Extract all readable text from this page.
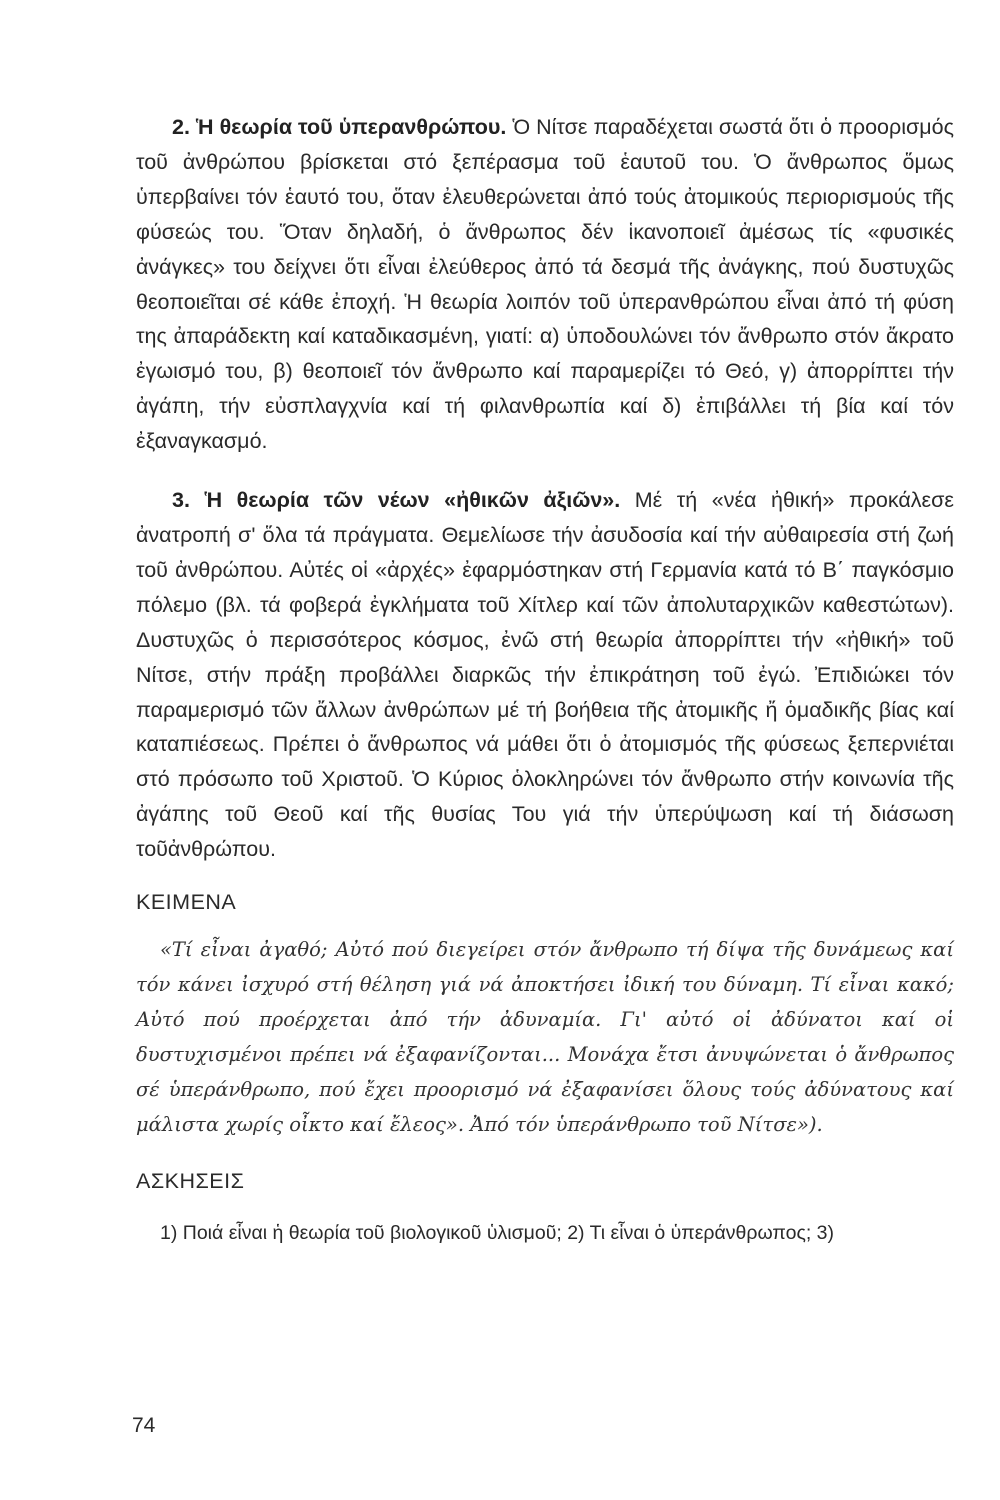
2. Ἡ θεωρία τοῦ ὑπερανθρώπου. Ὁ Νίτσε παραδέχεται σωστά ὅτι ὁ προορισμός τοῦ ἀνθρώπου βρίσκεται στό ξεπέρασμα τοῦ ἑαυτοῦ του. Ὁ ἄνθρωπος ὅμως ὑπερβαίνει τόν ἑαυτό του, ὅταν ἐλευθερώνεται ἀπό τούς ἀτομικούς περιορισμούς τῆς φύσεώς του. Ὅταν δηλαδή, ὁ ἄνθρωπος δέν ἱκανοποιεῖ ἀμέσως τίς «φυσικές ἀνάγκες» του δείχνει ὅτι εἶναι ἐλεύθερος ἀπό τά δεσμά τῆς ἀνάγκης, πού δυστυχῶς θεοποιεῖται σέ κάθε ἐποχή. Ἡ θεωρία λοιπόν τοῦ ὑπερανθρώπου εἶναι ἀπό τή φύση της ἀπαράδεκτη καί καταδικασμένη, γιατί: α) ὑποδουλώνει τόν ἄνθρωπο στόν ἄκρατο ἐγωισμό του, β) θεοποιεῖ τόν ἄνθρωπο καί παραμερίζει τό Θεό, γ) ἀπορρίπτει τήν ἀγάπη, τήν εὐσπλαγχνία καί τή φιλανθρωπία καί δ) ἐπιβάλλει τή βία καί τόν ἐξαναγκασμό.

3. Ἡ θεωρία τῶν νέων «ἠθικῶν ἀξιῶν». Μέ τή «νέα ἠθική» προκάλεσε ἀνατροπή σ' ὅλα τά πράγματα. Θεμελίωσε τήν ἀσυδοσία καί τήν αὐθαιρεσία στή ζωή τοῦ ἀνθρώπου. Αὐτές οἱ «ἀρχές» ἐφαρμόστηκαν στή Γερμανία κατά τό Β΄ παγκόσμιο πόλεμο (βλ. τά φοβερά ἐγκλήματα τοῦ Χίτλερ καί τῶν ἀπολυταρχικῶν καθεστώτων). Δυστυχῶς ὁ περισσότερος κόσμος, ἐνῶ στή θεωρία ἀπορρίπτει τήν «ἠθική» τοῦ Νίτσε, στήν πράξη προβάλλει διαρκῶς τήν ἐπικράτηση τοῦ ἐγώ. Ἐπιδιώκει τόν παραμερισμό τῶν ἄλλων ἀνθρώπων μέ τή βοήθεια τῆς ἀτομικῆς ἤ ὁμαδικῆς βίας καί καταπιέσεως. Πρέπει ὁ ἄνθρωπος νά μάθει ὅτι ὁ ἀτομισμός τῆς φύσεως ξεπερνιέται στό πρόσωπο τοῦ Χριστοῦ. Ὁ Κύριος ὁλοκληρώνει τόν ἄνθρωπο στήν κοινωνία τῆς ἀγάπης τοῦ Θεοῦ καί τῆς θυσίας Του γιά τήν ὑπερύψωση καί τή διάσωση τοῦἀνθρώπου.

ΚΕΙΜΕΝΑ

«Τί εἶναι ἀγαθό; Αὐτό πού διεγείρει στόν ἄνθρωπο τή δίψα τῆς δυνάμεως καί τόν κάνει ἰσχυρό στή θέληση γιά νά ἀποκτήσει ἰδική του δύναμη. Τί εἶναι κακό; Αὐτό πού προέρχεται ἀπό τήν ἀδυναμία. Γι' αὐτό οἱ ἀδύνατοι καί οἱ δυστυχισμένοι πρέπει νά ἐξαφανίζονται... Μονάχα ἔτσι ἀνυψώνεται ὁ ἄνθρωπος σέ ὑπεράνθρωπο, πού ἔχει προορισμό νά ἐξαφανίσει ὅλους τούς ἀδύνατους καί μάλιστα χωρίς οἶκτο καί ἔλεος». Ἀπό τόν ὑπεράνθρωπο τοῦ Νίτσε»).

ΑΣΚΗΣΕΙΣ

1) Ποιά εἶναι ἡ θεωρία τοῦ βιολογικοῦ ὑλισμοῦ; 2) Τι εἶναι ὁ ὑπεράνθρωπος; 3)

74
